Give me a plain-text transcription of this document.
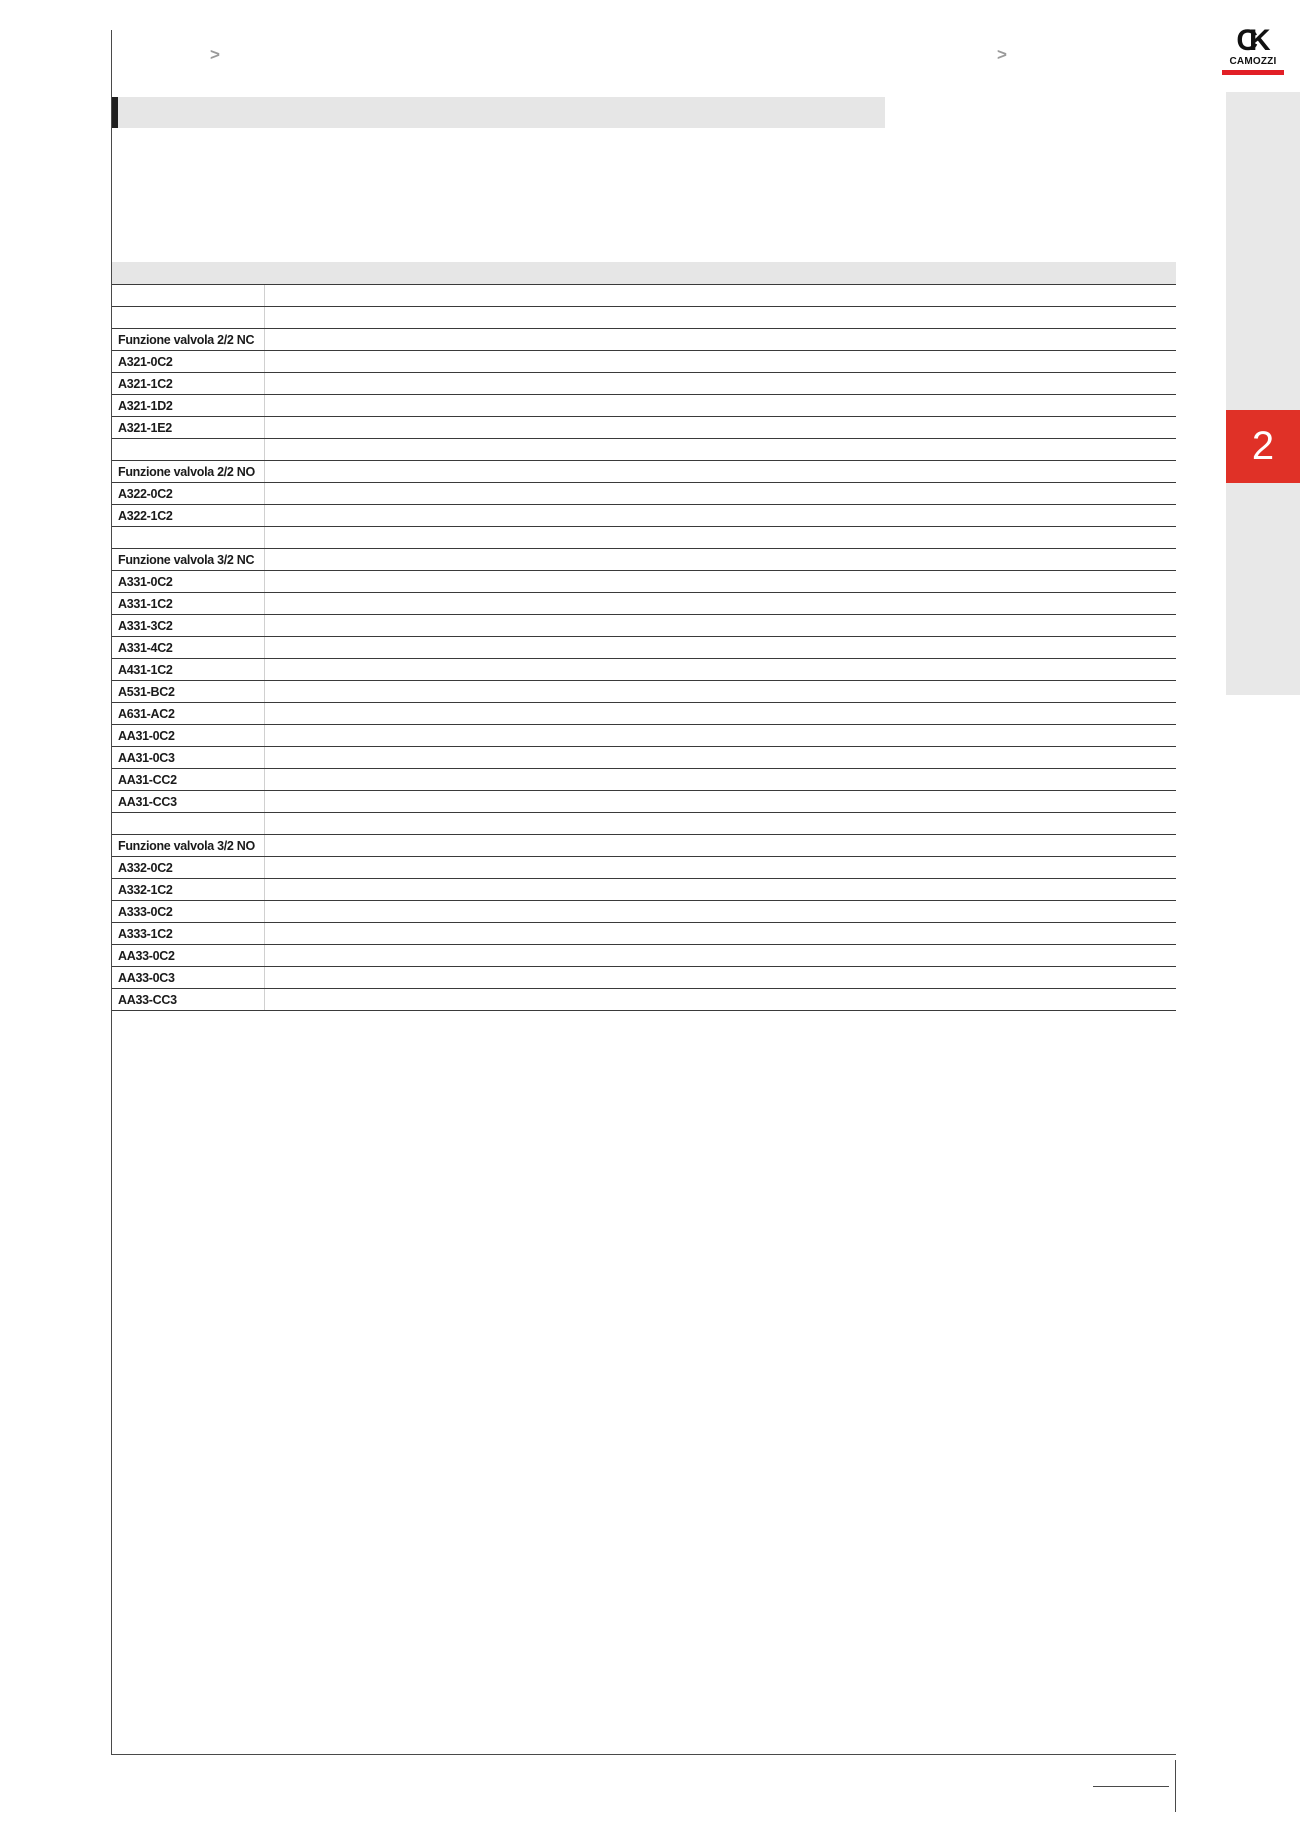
>	>	CK
CAMOZZI
2
Funzione valvola 2/2 NC
A321-0C2
A321-1C2
A321-1D2
A321-1E2
Funzione valvola 2/2 NO
A322-0C2
A322-1C2
Funzione valvola 3/2 NC
A331-0C2
A331-1C2
A331-3C2
A331-4C2
A431-1C2
A531-BC2
A631-AC2
AA31-0C2
AA31-0C3
AA31-CC2
AA31-CC3
Funzione valvola 3/2 NO
A332-0C2
A332-1C2
A333-0C2
A333-1C2
AA33-0C2
AA33-0C3
AA33-CC3
